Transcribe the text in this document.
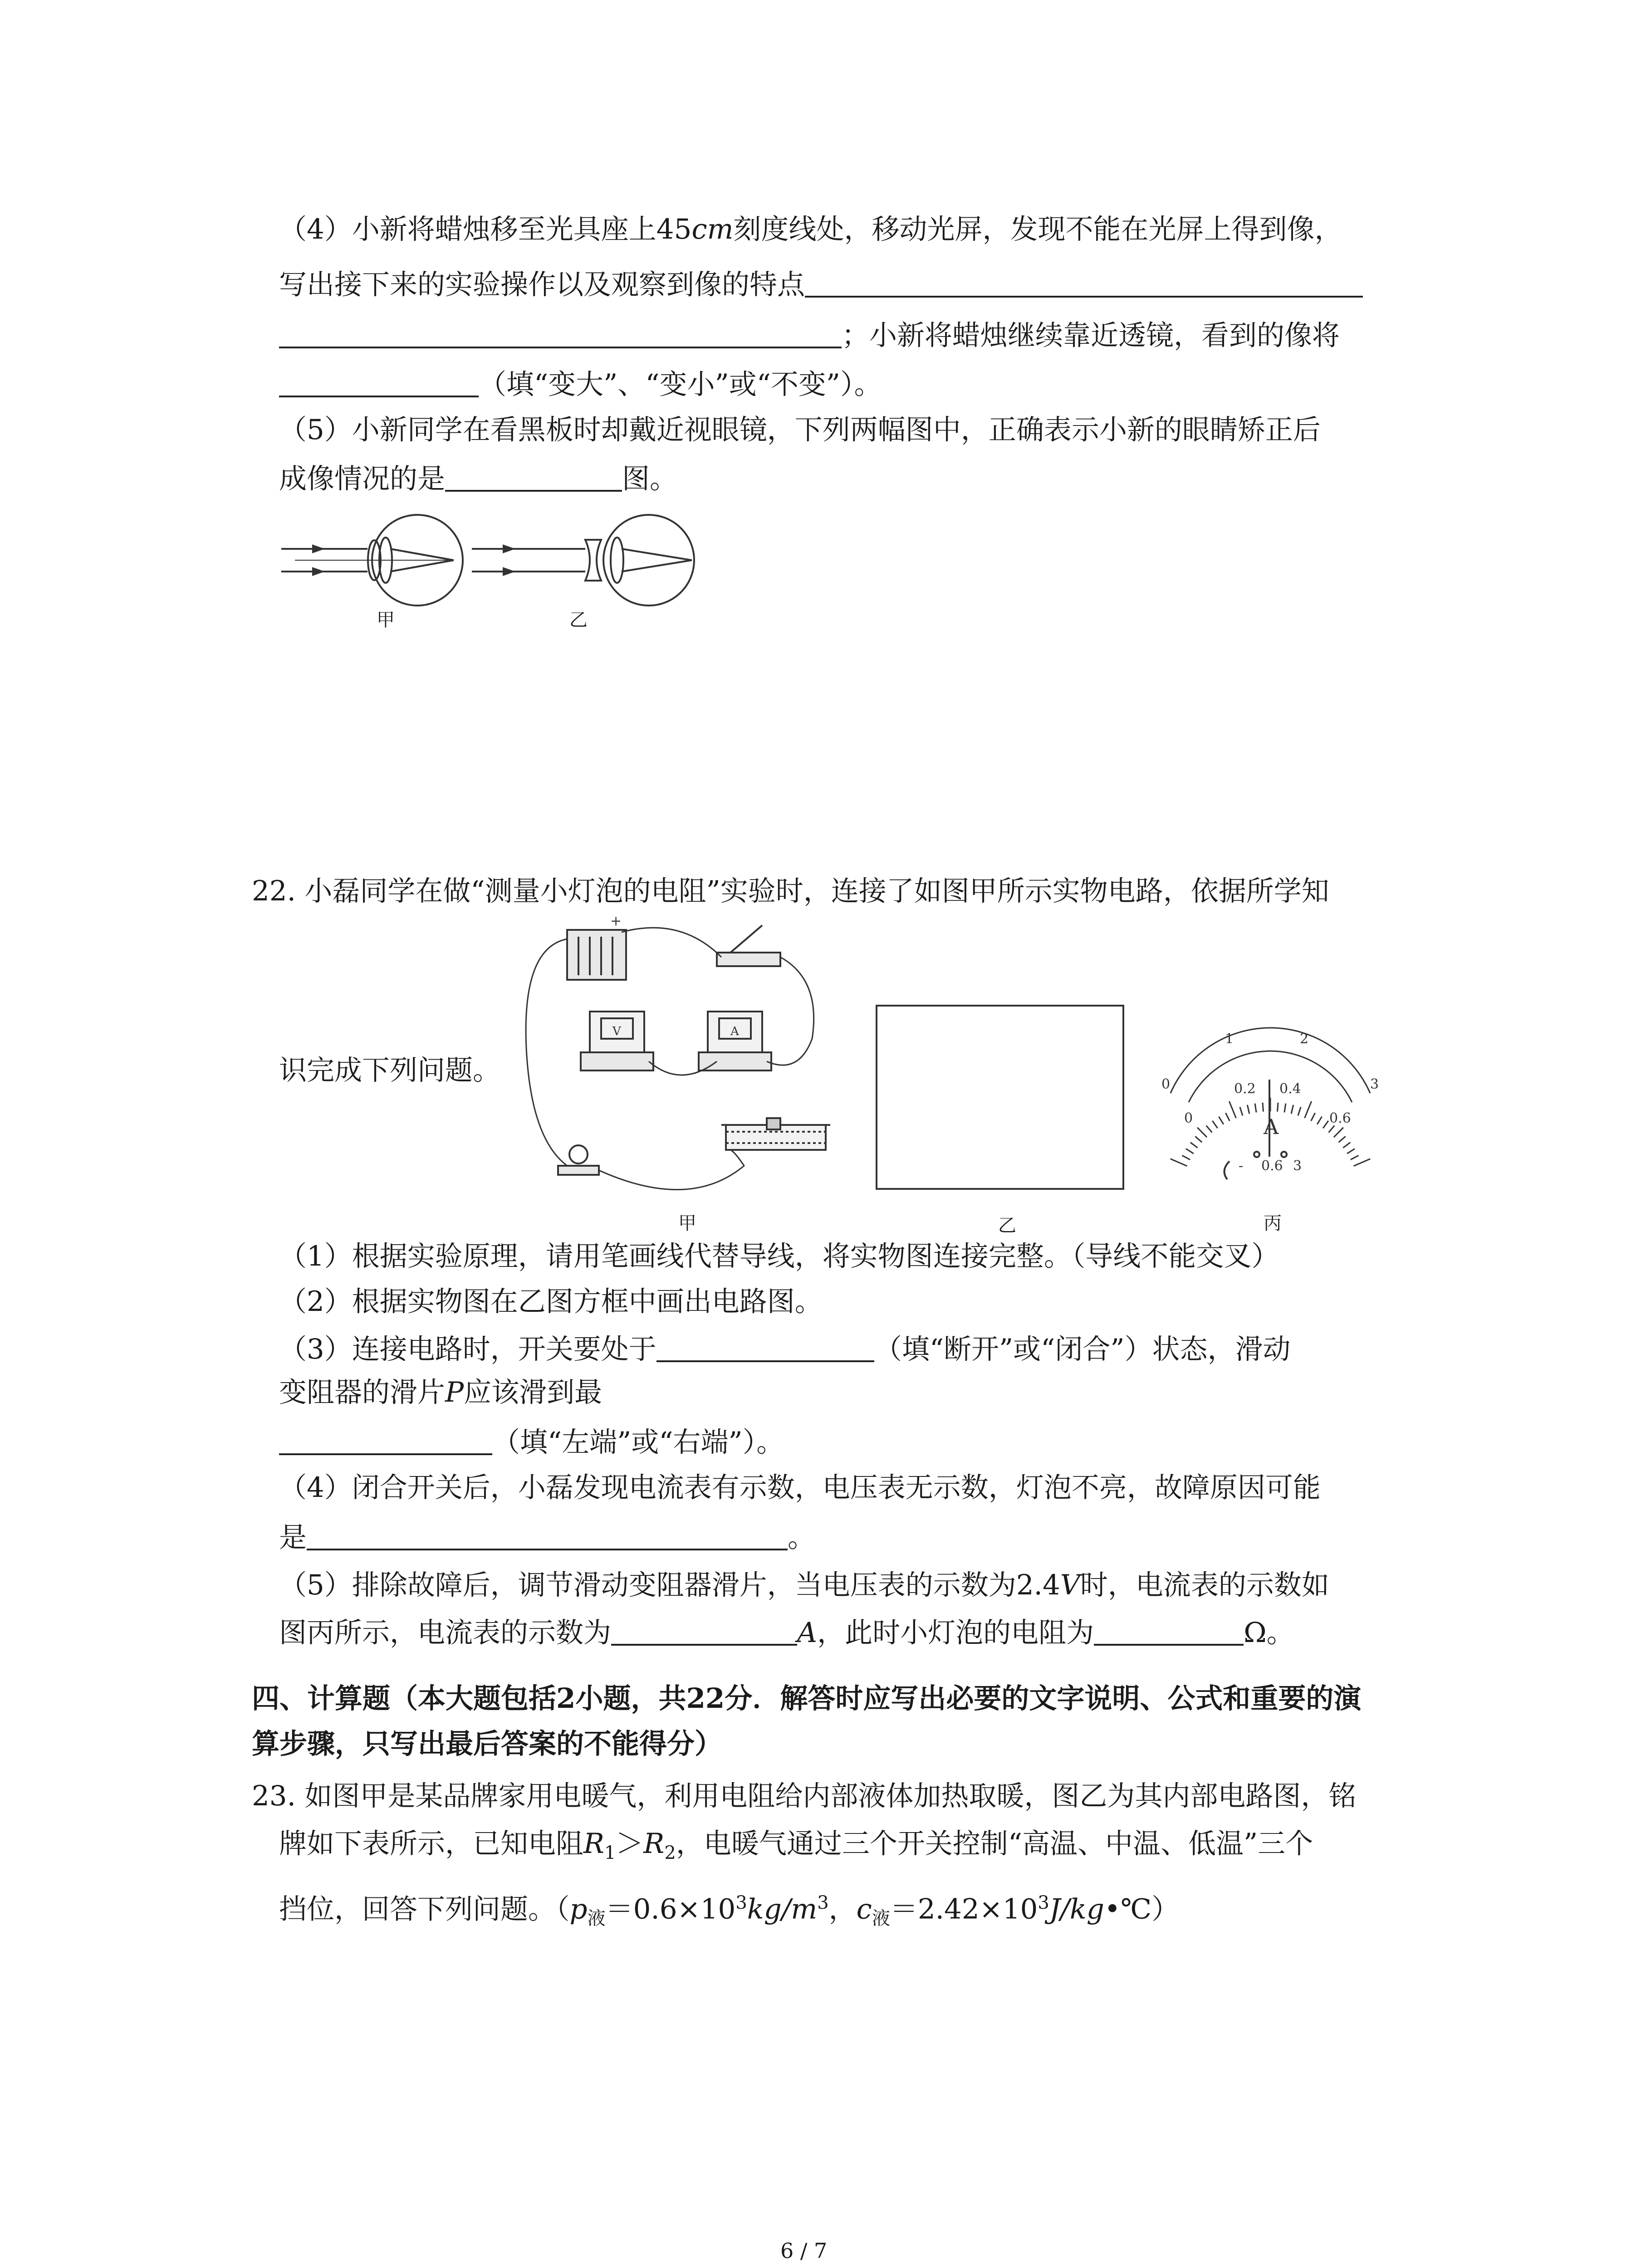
（4）小新将蜡烛移至光具座上45cm刻度线处，移动光屏，发现不能在光屏上得到像，
写出接下来的实验操作以及观察到像的特点
；小新将蜡烛继续靠近透镜，看到的像将
（填“变大”、“变小”或“不变”）。
（5）小新同学在看黑板时却戴近视眼镜，下列两幅图中，正确表示小新的眼睛矫正后
成像情况的是	图。
甲	乙
22. 小磊同学在做“测量小灯泡的电阻”实验时，连接了如图甲所示实物电路，依据所学知
识完成下列问题。
+
V	A
甲	乙
0
1	2
3
0
0.2 0.4
0.6
A
- 0.6 3
丙
（1）根据实验原理，请用笔画线代替导线，将实物图连接完整。（导线不能交叉）
（2）根据实物图在乙图方框中画出电路图。
（3）连接电路时，开关要处于	（填“断开”或“闭合”）状态，滑动
变阻器的滑片P应该滑到最
（填“左端”或“右端”）。
（4）闭合开关后，小磊发现电流表有示数，电压表无示数，灯泡不亮，故障原因可能
是	。
（5）排除故障后，调节滑动变阻器滑片，当电压表的示数为2.4V时，电流表的示数如
图丙所示，电流表的示数为	A，此时小灯泡的电阻为	Ω。
四、计算题（本大题包括2小题，共22分．解答时应写出必要的文字说明、公式和重要的演
算步骤，只写出最后答案的不能得分）
23. 如图甲是某品牌家用电暖气，利用电阻给内部液体加热取暖，图乙为其内部电路图，铭
牌如下表所示，已知电阻$R_1>R_2$，电暖气通过三个开关控制“高温、中温、低温”三个
挡位，回答下列问题。（$p_液=0.6\times 10^3kg/m^3$，$c_液=2.42\times 10^3J/kg•℃$）
6 / 7
